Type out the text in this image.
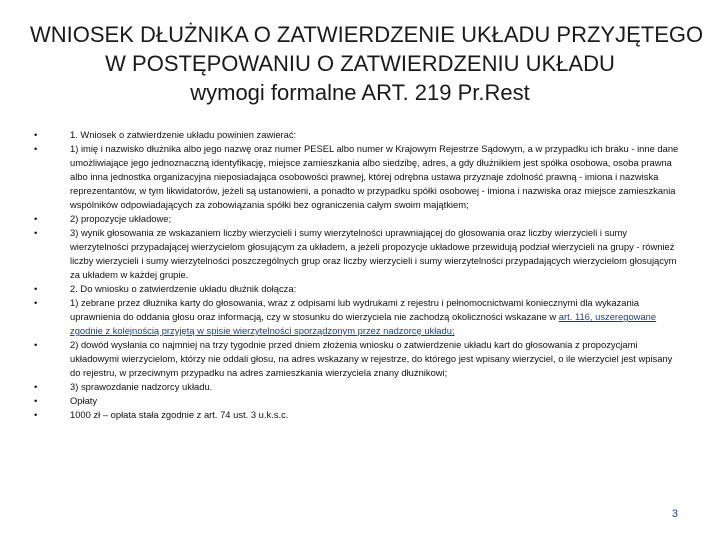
WNIOSEK DŁUŻNIKA O ZATWIERDZENIE UKŁADU PRZYJĘTEGO
W POSTĘPOWANIU O ZATWIERDZENIU UKŁADU
wymogi formalne ART. 219 Pr.Rest
•	1. Wniosek o zatwierdzenie układu powinien zawierać:
•	1) imię i nazwisko dłużnika albo jego nazwę oraz numer PESEL albo numer w Krajowym Rejestrze Sądowym, a w przypadku ich braku - inne dane umożliwiające jego jednoznaczną identyfikację, miejsce zamieszkania albo siedzibę, adres, a gdy dłużnikiem jest spółka osobowa, osoba prawna albo inna jednostka organizacyjna nieposiadająca osobowości prawnej, której odrębna ustawa przyznaje zdolność prawną - imiona i nazwiska reprezentantów, w tym likwidatorów, jeżeli są ustanowieni, a ponadto w przypadku spółki osobowej - imiona i nazwiska oraz miejsce zamieszkania wspólników odpowiadających za zobowiązania spółki bez ograniczenia całym swoim majątkiem;
•	2) propozycje układowe;
•	3) wynik głosowania ze wskazaniem liczby wierzycieli i sumy wierzytelności uprawniającej do głosowania oraz liczby wierzycieli i sumy wierzytelności przypadającej wierzycielom głosującym za układem, a jeżeli propozycje układowe przewidują podział wierzycieli na grupy - również liczby wierzycieli i sumy wierzytelności poszczególnych grup oraz liczby wierzycieli i sumy wierzytelności przypadających wierzycielom głosującym za układem w każdej grupie.
•	2. Do wniosku o zatwierdzenie układu dłużnik dołącza:
•	1) zebrane przez dłużnika karty do głosowania, wraz z odpisami lub wydrukami z rejestru i pełnomocnictwami koniecznymi dla wykazania uprawnienia do oddania głosu oraz informacją, czy w stosunku do wierzyciela nie zachodzą okoliczności wskazane w art. 116, uszeregowane zgodnie z kolejnością przyjętą w spisie wierzytelności sporządzonym przez nadzorcę układu;
•	2) dowód wysłania co najmniej na trzy tygodnie przed dniem złożenia wniosku o zatwierdzenie układu kart do głosowania z propozycjami układowymi wierzycielom, którzy nie oddali głosu, na adres wskazany w rejestrze, do którego jest wpisany wierzyciel, o ile wierzyciel jest wpisany do rejestru, w przeciwnym przypadku na adres zamieszkania wierzyciela znany dłużnikowi;
•	3) sprawozdanie nadzorcy układu.
•	Opłaty
•	1000 zł – opłata stała zgodnie z art. 74 ust. 3 u.k.s.c.
3
